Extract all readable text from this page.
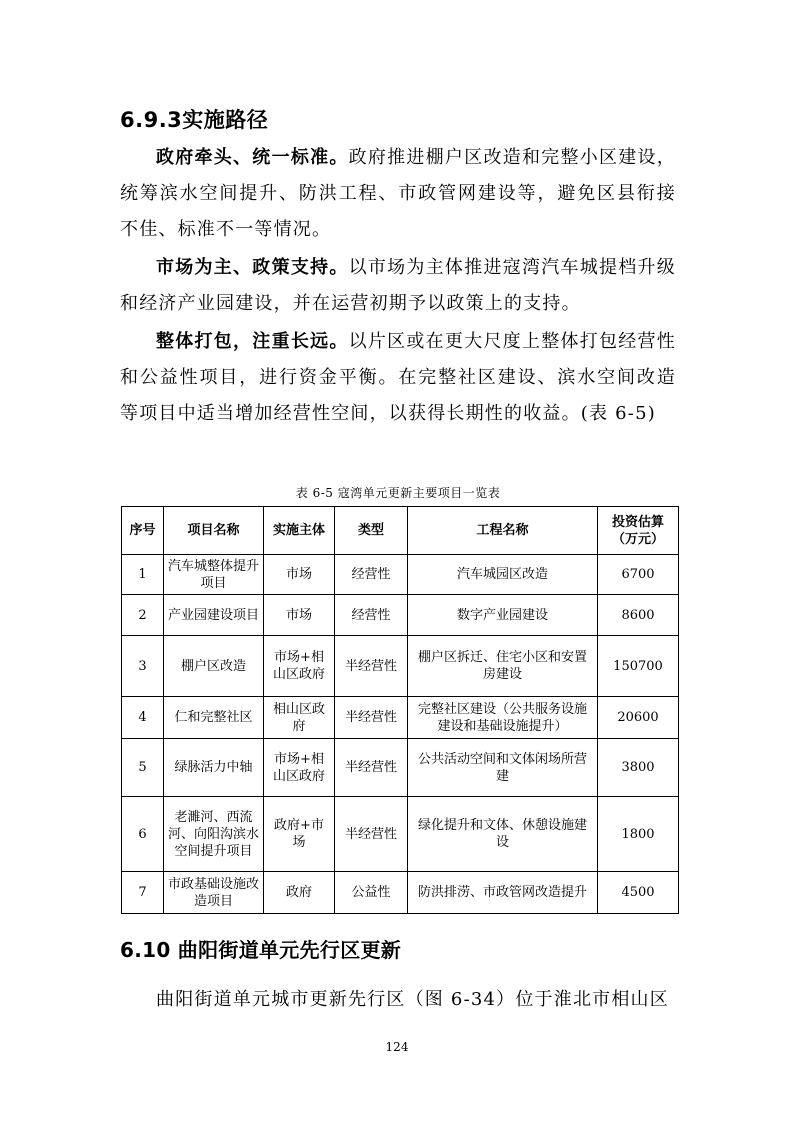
6.9.3实施路径

政府牵头、统一标准。政府推进棚户区改造和完整小区建设，统筹滨水空间提升、防洪工程、市政管网建设等，避免区县衔接不佳、标准不一等情况。

市场为主、政策支持。以市场为主体推进寇湾汽车城提档升级和经济产业园建设，并在运营初期予以政策上的支持。

整体打包，注重长远。以片区或在更大尺度上整体打包经营性和公益性项目，进行资金平衡。在完整社区建设、滨水空间改造等项目中适当增加经营性空间，以获得长期性的收益。(表 6-5)

表 6-5 寇湾单元更新主要项目一览表
序号	项目名称	实施主体	类型	工程名称	投资估算（万元）
1	汽车城整体提升项目	市场	经营性	汽车城园区改造	6700
2	产业园建设项目	市场	经营性	数字产业园建设	8600
3	棚户区改造	市场+相山区政府	半经营性	棚户区拆迁、住宅小区和安置房建设	150700
4	仁和完整社区	相山区政府	半经营性	完整社区建设（公共服务设施建设和基础设施提升）	20600
5	绿脉活力中轴	市场+相山区政府	半经营性	公共活动空间和文体闲场所营建	3800
6	老濉河、西流河、向阳沟滨水空间提升项目	政府+市场	半经营性	绿化提升和文体、休憩设施建设	1800
7	市政基础设施改造项目	政府	公益性	防洪排涝、市政管网改造提升	4500
6.10 曲阳街道单元先行区更新

曲阳街道单元城市更新先行区（图 6-34）位于淮北市相山区

124
